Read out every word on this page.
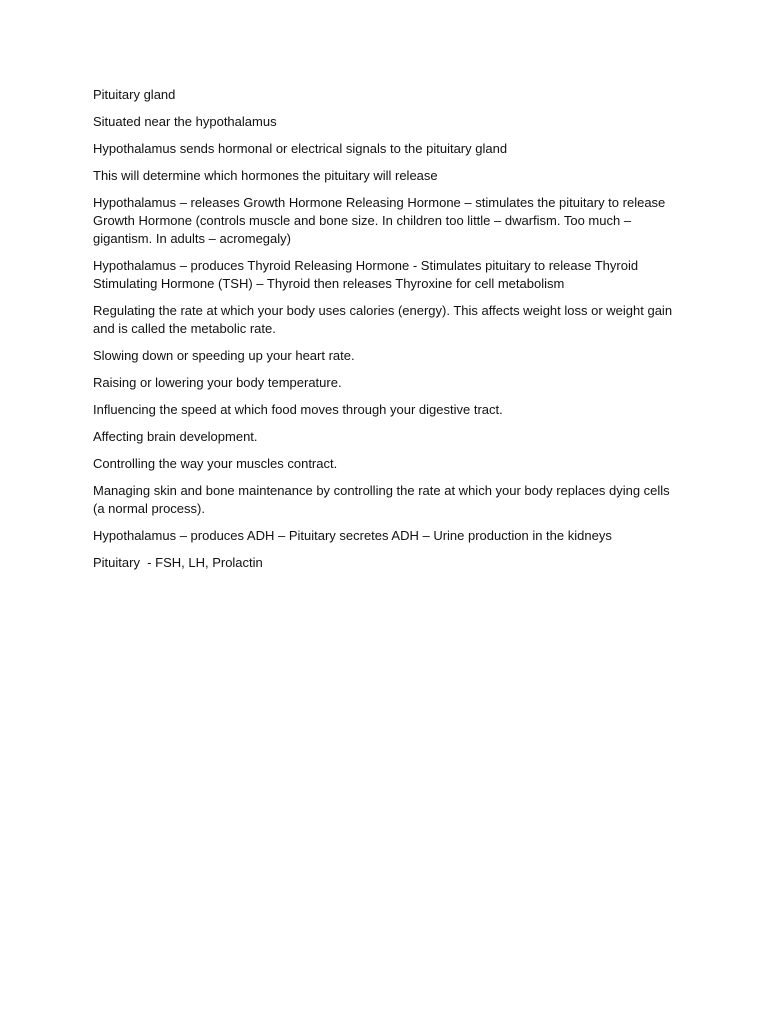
Pituitary gland

Situated near the hypothalamus

Hypothalamus sends hormonal or electrical signals to the pituitary gland

This will determine which hormones the pituitary will release

Hypothalamus – releases Growth Hormone Releasing Hormone – stimulates the pituitary to release Growth Hormone (controls muscle and bone size. In children too little – dwarfism. Too much – gigantism. In adults – acromegaly)

Hypothalamus – produces Thyroid Releasing Hormone - Stimulates pituitary to release Thyroid Stimulating Hormone (TSH) – Thyroid then releases Thyroxine for cell metabolism

Regulating the rate at which your body uses calories (energy). This affects weight loss or weight gain and is called the metabolic rate.

Slowing down or speeding up your heart rate.

Raising or lowering your body temperature.

Influencing the speed at which food moves through your digestive tract.

Affecting brain development.

Controlling the way your muscles contract.

Managing skin and bone maintenance by controlling the rate at which your body replaces dying cells (a normal process).

Hypothalamus – produces ADH – Pituitary secretes ADH – Urine production in the kidneys

Pituitary  - FSH, LH, Prolactin
